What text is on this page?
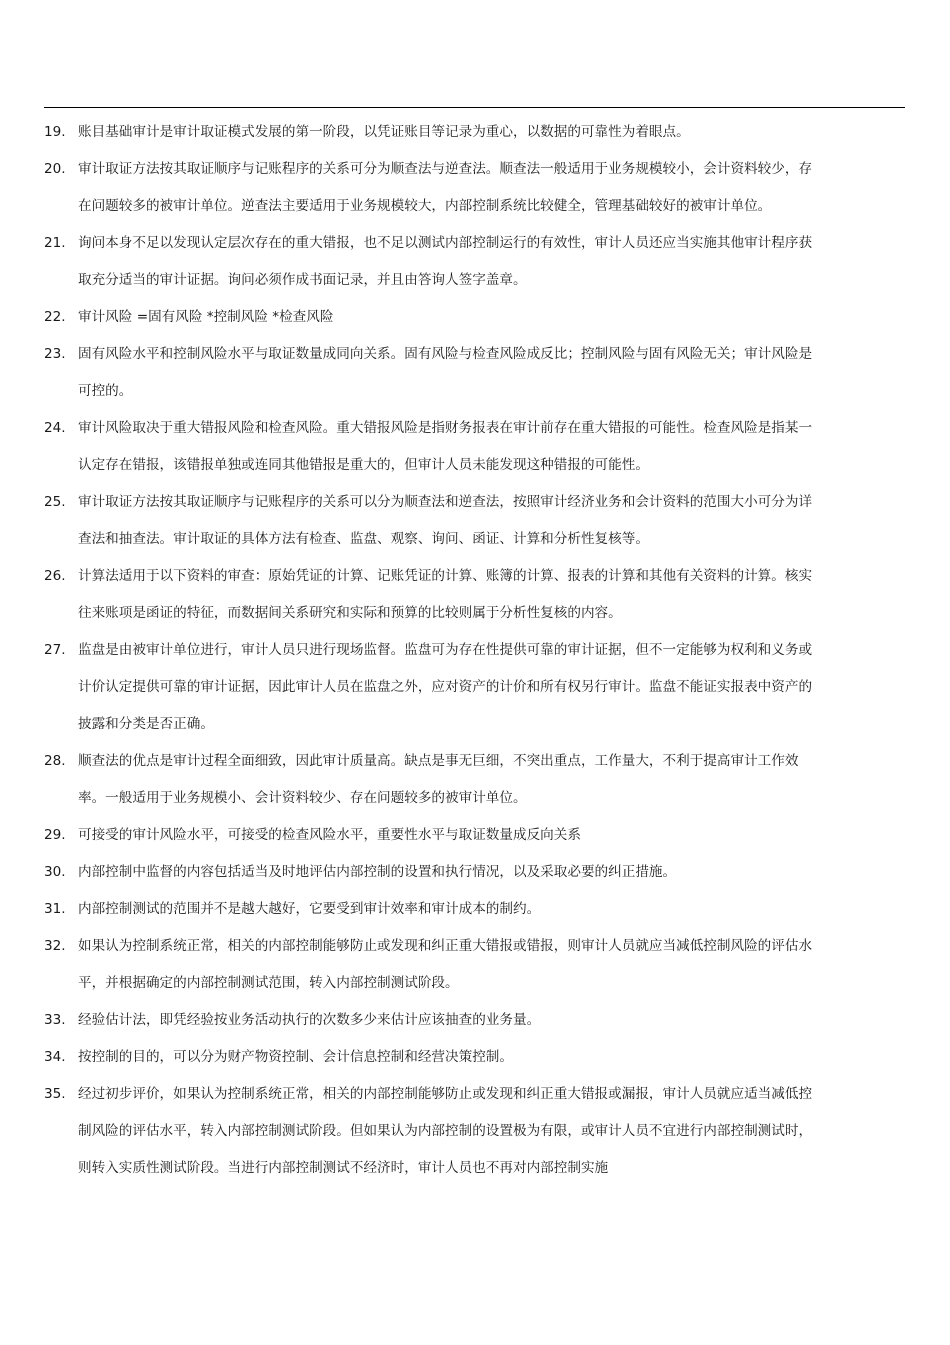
19. 账目基础审计是审计取证模式发展的第一阶段，以凭证账目等记录为重心，以数据的可靠性为着眼点。
20. 审计取证方法按其取证顺序与记账程序的关系可分为顺查法与逆查法。顺查法一般适用于业务规模较小，会计资料较少，存在问题较多的被审计单位。逆查法主要适用于业务规模较大，内部控制系统比较健全，管理基础较好的被审计单位。
21. 询问本身不足以发现认定层次存在的重大错报，也不足以测试内部控制运行的有效性，审计人员还应当实施其他审计程序获取充分适当的审计证据。询问必须作成书面记录，并且由答询人签字盖章。
22. 审计风险 =固有风险 *控制风险 *检查风险
23. 固有风险水平和控制风险水平与取证数量成同向关系。固有风险与检查风险成反比；控制风险与固有风险无关；审计风险是可控的。
24. 审计风险取决于重大错报风险和检查风险。重大错报风险是指财务报表在审计前存在重大错报的可能性。检查风险是指某一认定存在错报，该错报单独或连同其他错报是重大的，但审计人员未能发现这种错报的可能性。
25. 审计取证方法按其取证顺序与记账程序的关系可以分为顺查法和逆查法，按照审计经济业务和会计资料的范围大小可分为详查法和抽查法。审计取证的具体方法有检查、监盘、观察、询问、函证、计算和分析性复核等。
26. 计算法适用于以下资料的审查：原始凭证的计算、记账凭证的计算、账簿的计算、报表的计算和其他有关资料的计算。核实往来账项是函证的特征，而数据间关系研究和实际和预算的比较则属于分析性复核的内容。
27. 监盘是由被审计单位进行，审计人员只进行现场监督。监盘可为存在性提供可靠的审计证据，但不一定能够为权利和义务或计价认定提供可靠的审计证据，因此审计人员在监盘之外，应对资产的计价和所有权另行审计。监盘不能证实报表中资产的披露和分类是否正确。
28. 顺查法的优点是审计过程全面细致，因此审计质量高。缺点是事无巨细，不突出重点，工作量大，不利于提高审计工作效率。一般适用于业务规模小、会计资料较少、存在问题较多的被审计单位。
29. 可接受的审计风险水平，可接受的检查风险水平，重要性水平与取证数量成反向关系
30. 内部控制中监督的内容包括适当及时地评估内部控制的设置和执行情况，以及采取必要的纠正措施。
31. 内部控制测试的范围并不是越大越好，它要受到审计效率和审计成本的制约。
32. 如果认为控制系统正常，相关的内部控制能够防止或发现和纠正重大错报或错报，则审计人员就应当减低控制风险的评估水平，并根据确定的内部控制测试范围，转入内部控制测试阶段。
33. 经验估计法，即凭经验按业务活动执行的次数多少来估计应该抽查的业务量。
34. 按控制的目的，可以分为财产物资控制、会计信息控制和经营决策控制。
35. 经过初步评价，如果认为控制系统正常，相关的内部控制能够防止或发现和纠正重大错报或漏报，审计人员就应适当减低控制风险的评估水平，转入内部控制测试阶段。但如果认为内部控制的设置极为有限，或审计人员不宜进行内部控制测试时，则转入实质性测试阶段。当进行内部控制测试不经济时，审计人员也不再对内部控制实施
